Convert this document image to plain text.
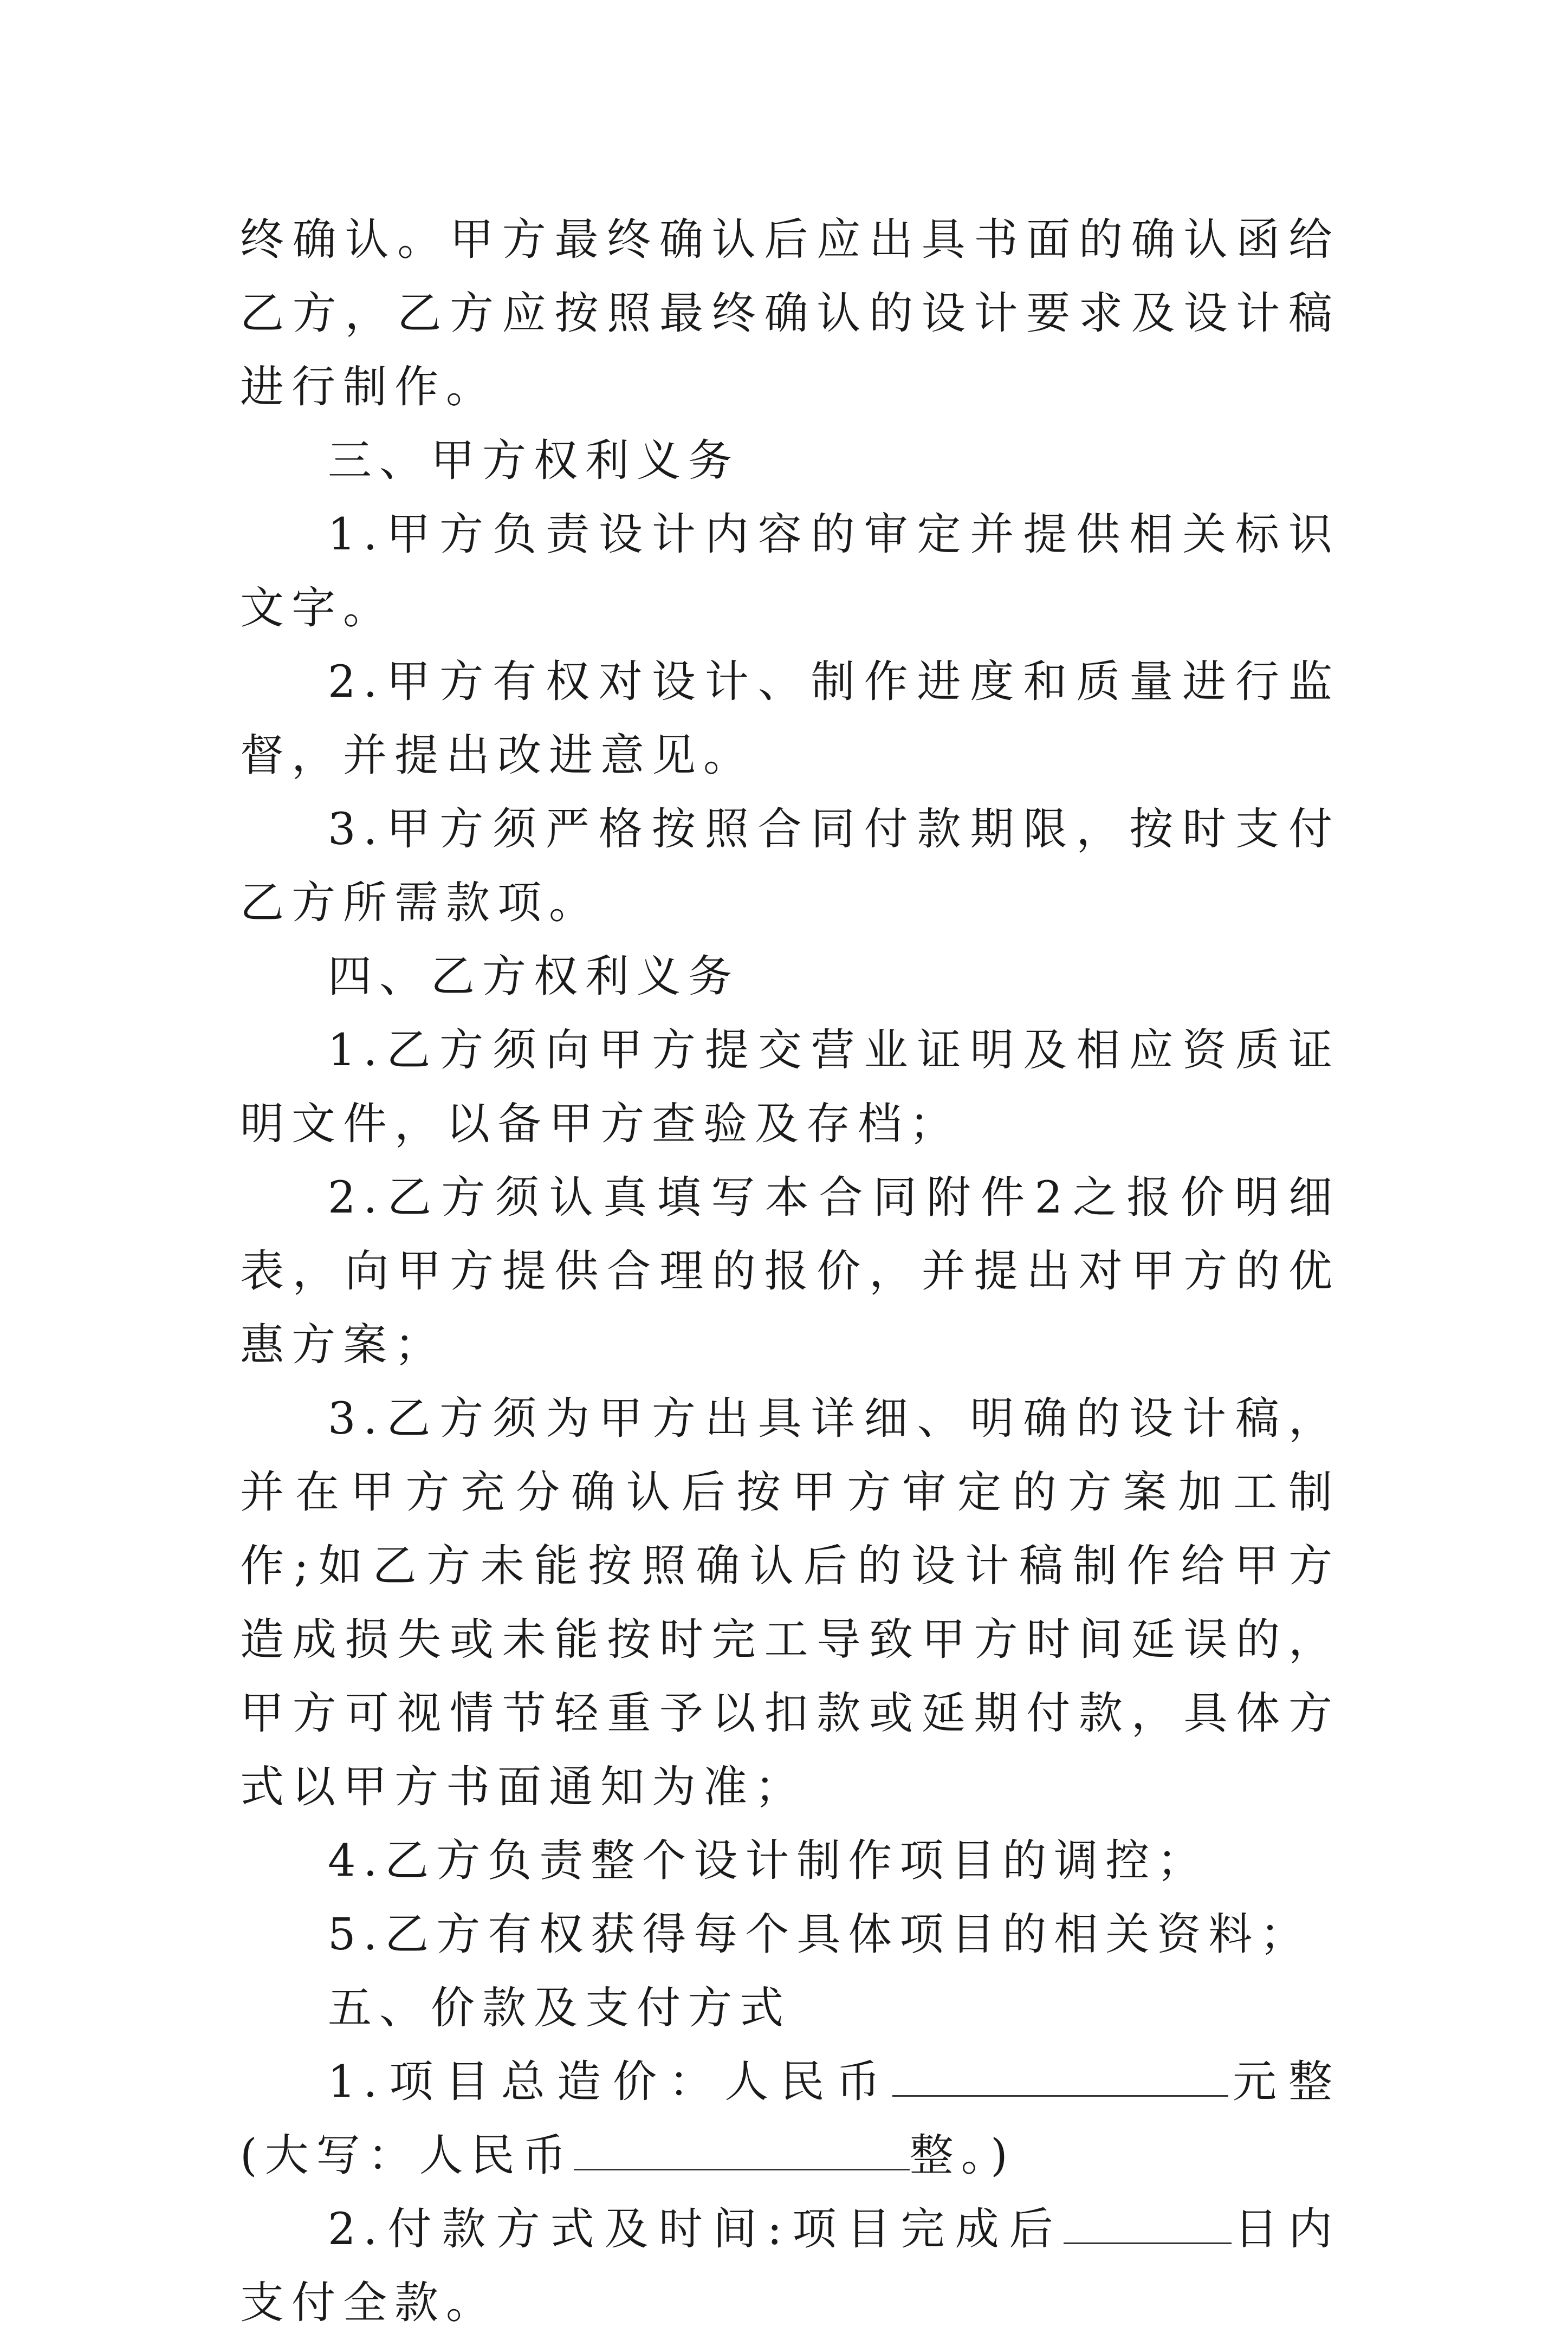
终确认。甲方最终确认后应出具书面的确认函给乙方，乙方应按照最终确认的设计要求及设计稿进行制作。

三、甲方权利义务

1.甲方负责设计内容的审定并提供相关标识文字。

2.甲方有权对设计、制作进度和质量进行监督，并提出改进意见。

3.甲方须严格按照合同付款期限，按时支付乙方所需款项。

四、乙方权利义务

1.乙方须向甲方提交营业证明及相应资质证明文件，以备甲方查验及存档；

2.乙方须认真填写本合同附件2之报价明细表，向甲方提供合理的报价，并提出对甲方的优惠方案；

3.乙方须为甲方出具详细、明确的设计稿，并在甲方充分确认后按甲方审定的方案加工制作;如乙方未能按照确认后的设计稿制作给甲方造成损失或未能按时完工导致甲方时间延误的，甲方可视情节轻重予以扣款或延期付款，具体方式以甲方书面通知为准；

4.乙方负责整个设计制作项目的调控；

5.乙方有权获得每个具体项目的相关资料；

五、价款及支付方式

1.项目总造价：人民币	元整(大写：人民币	整。)

2.付款方式及时间:项目完成后	日内支付全款。
